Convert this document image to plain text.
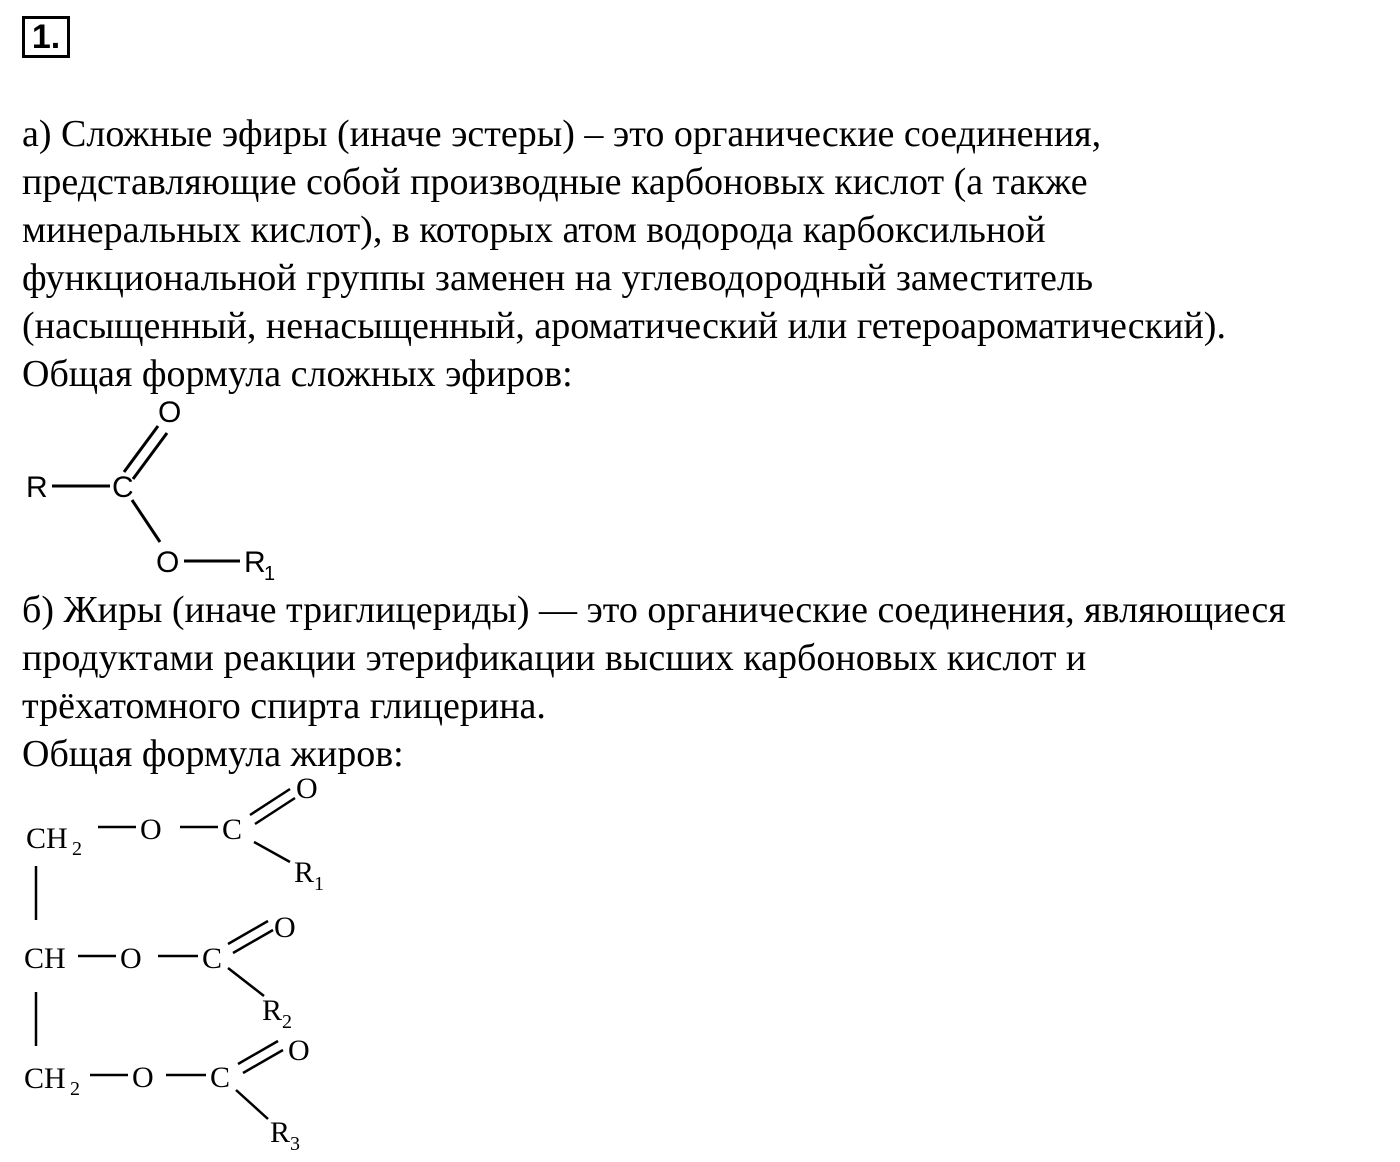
1.

а) Сложные эфиры (иначе эстеры) – это органические соединения,
представляющие собой производные карбоновых кислот (а также
минеральных кислот), в которых атом водорода карбоксильной
функциональной группы заменен на углеводородный заместитель
(насыщенный, ненасыщенный, ароматический или гетероароматический).
Общая формула сложных эфиров:

R C
O
O R
1

б) Жиры (иначе триглицериды) — это органические соединения, являющиеся
продуктами реакции этерификации высших карбоновых кислот и
трёхатомного спирта глицерина.
Общая формула жиров:

CH 2
O C
O
R 1
CH O C
O
R 2
CH 2 O C
O
R 3
